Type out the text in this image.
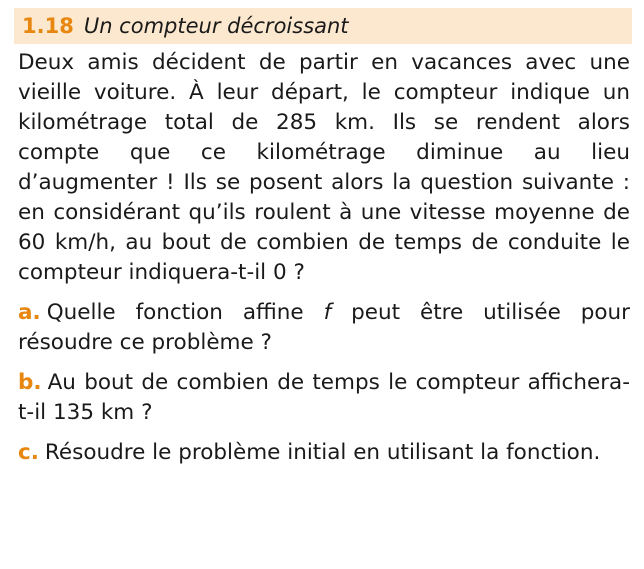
1.18 Un compteur décroissant

Deux amis décident de partir en vacances avec une vieille voiture. À leur départ, le compteur indique un kilométrage total de 285 km. Ils se rendent alors compte que ce kilométrage diminue au lieu d’augmenter ! Ils se posent alors la question suivante : en considérant qu’ils roulent à une vitesse moyenne de 60 km/h, au bout de combien de temps de conduite le compteur indiquera-t-il 0 ?

a. Quelle fonction affine f peut être utilisée pour résoudre ce problème ?

b. Au bout de combien de temps le compteur affichera-t-il 135 km ?

c. Résoudre le problème initial en utilisant la fonction.
